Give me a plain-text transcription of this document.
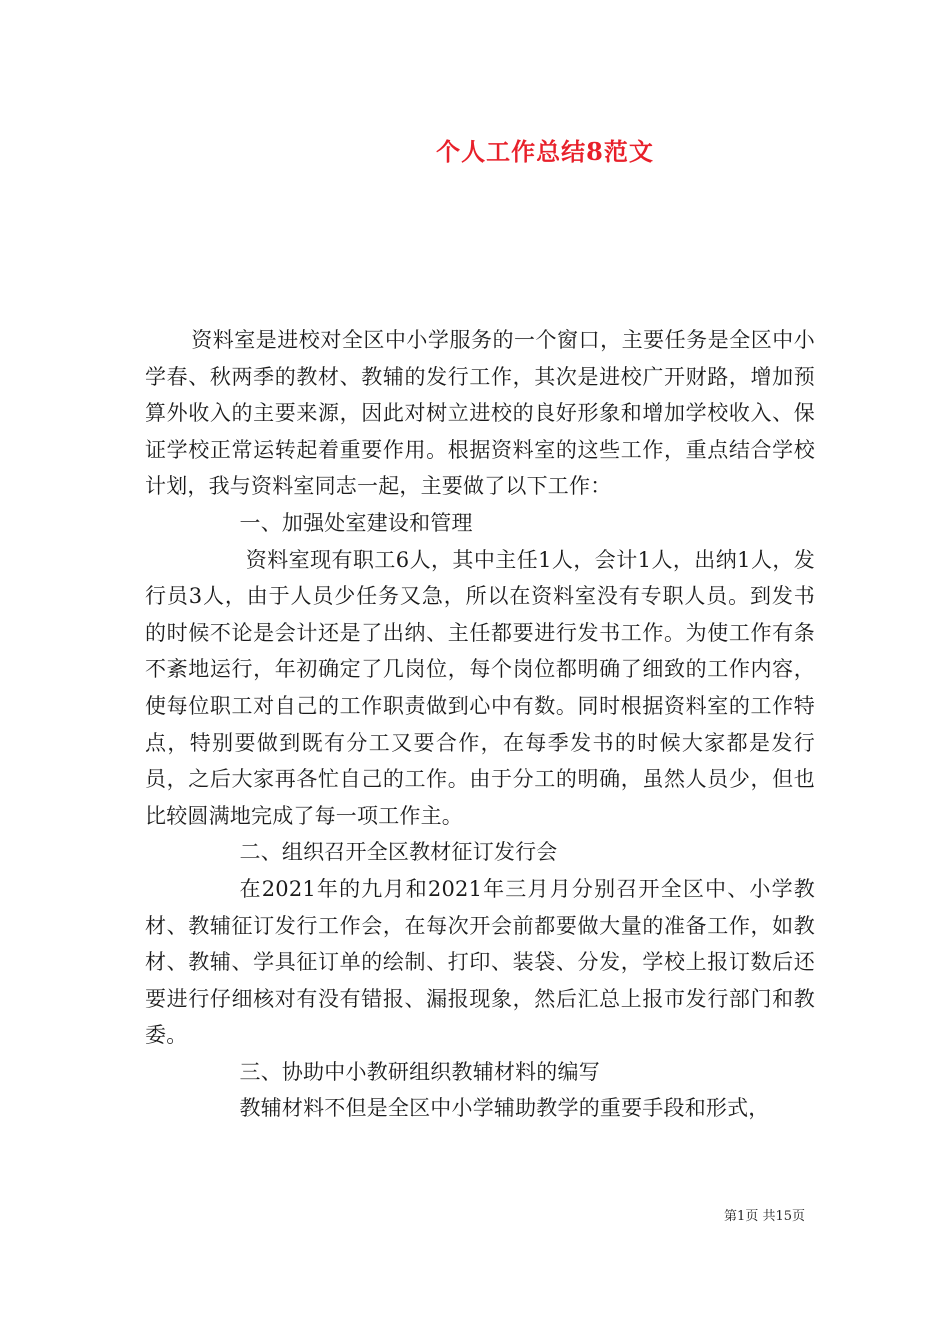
个人工作总结8范文

资料室是进校对全区中小学服务的一个窗口，主要任务是全区中小学春、秋两季的教材、教辅的发行工作，其次是进校广开财路，增加预算外收入的主要来源，因此对树立进校的良好形象和增加学校收入、保证学校正常运转起着重要作用。根据资料室的这些工作，重点结合学校计划，我与资料室同志一起，主要做了以下工作：

一、加强处室建设和管理

资料室现有职工6人，其中主任1人，会计1人，出纳1人，发行员3人，由于人员少任务又急，所以在资料室没有专职人员。到发书的时候不论是会计还是了出纳、主任都要进行发书工作。为使工作有条不紊地运行，年初确定了几岗位，每个岗位都明确了细致的工作内容，使每位职工对自己的工作职责做到心中有数。同时根据资料室的工作特点，特别要做到既有分工又要合作，在每季发书的时候大家都是发行员，之后大家再各忙自己的工作。由于分工的明确，虽然人员少，但也比较圆满地完成了每一项工作主。

二、组织召开全区教材征订发行会

在2021年的九月和2021年三月月分别召开全区中、小学教材、教辅征订发行工作会，在每次开会前都要做大量的准备工作，如教材、教辅、学具征订单的绘制、打印、装袋、分发，学校上报订数后还要进行仔细核对有没有错报、漏报现象，然后汇总上报市发行部门和教委。

三、协助中小教研组织教辅材料的编写

教辅材料不但是全区中小学辅助教学的重要手段和形式，

第1页 共15页
